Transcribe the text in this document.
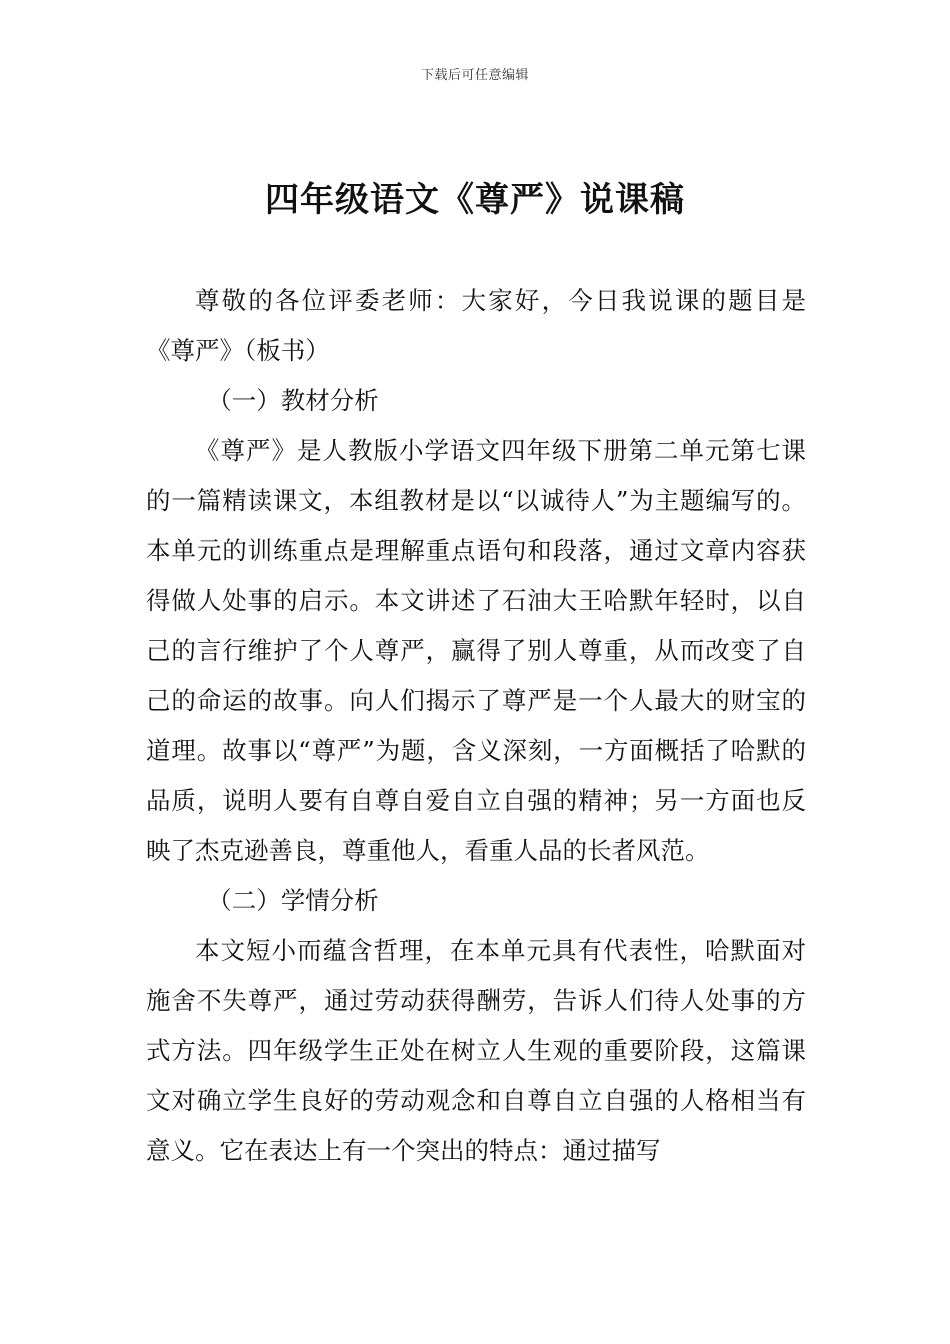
下载后可任意编辑
四年级语文《尊严》说课稿

尊敬的各位评委老师：大家好，今日我说课的题目是《尊严》（板书）

（一）教材分析

《尊严》是人教版小学语文四年级下册第二单元第七课的一篇精读课文，本组教材是以“以诚待人”为主题编写的。本单元的训练重点是理解重点语句和段落，通过文章内容获得做人处事的启示。本文讲述了石油大王哈默年轻时，以自己的言行维护了个人尊严，赢得了别人尊重，从而改变了自己的命运的故事。向人们揭示了尊严是一个人最大的财宝的道理。故事以“尊严”为题，含义深刻，一方面概括了哈默的品质，说明人要有自尊自爱自立自强的精神；另一方面也反映了杰克逊善良，尊重他人，看重人品的长者风范。

（二）学情分析

本文短小而蕴含哲理，在本单元具有代表性，哈默面对施舍不失尊严，通过劳动获得酬劳，告诉人们待人处事的方式方法。四年级学生正处在树立人生观的重要阶段，这篇课文对确立学生良好的劳动观念和自尊自立自强的人格相当有意义。它在表达上有一个突出的特点：通过描写
